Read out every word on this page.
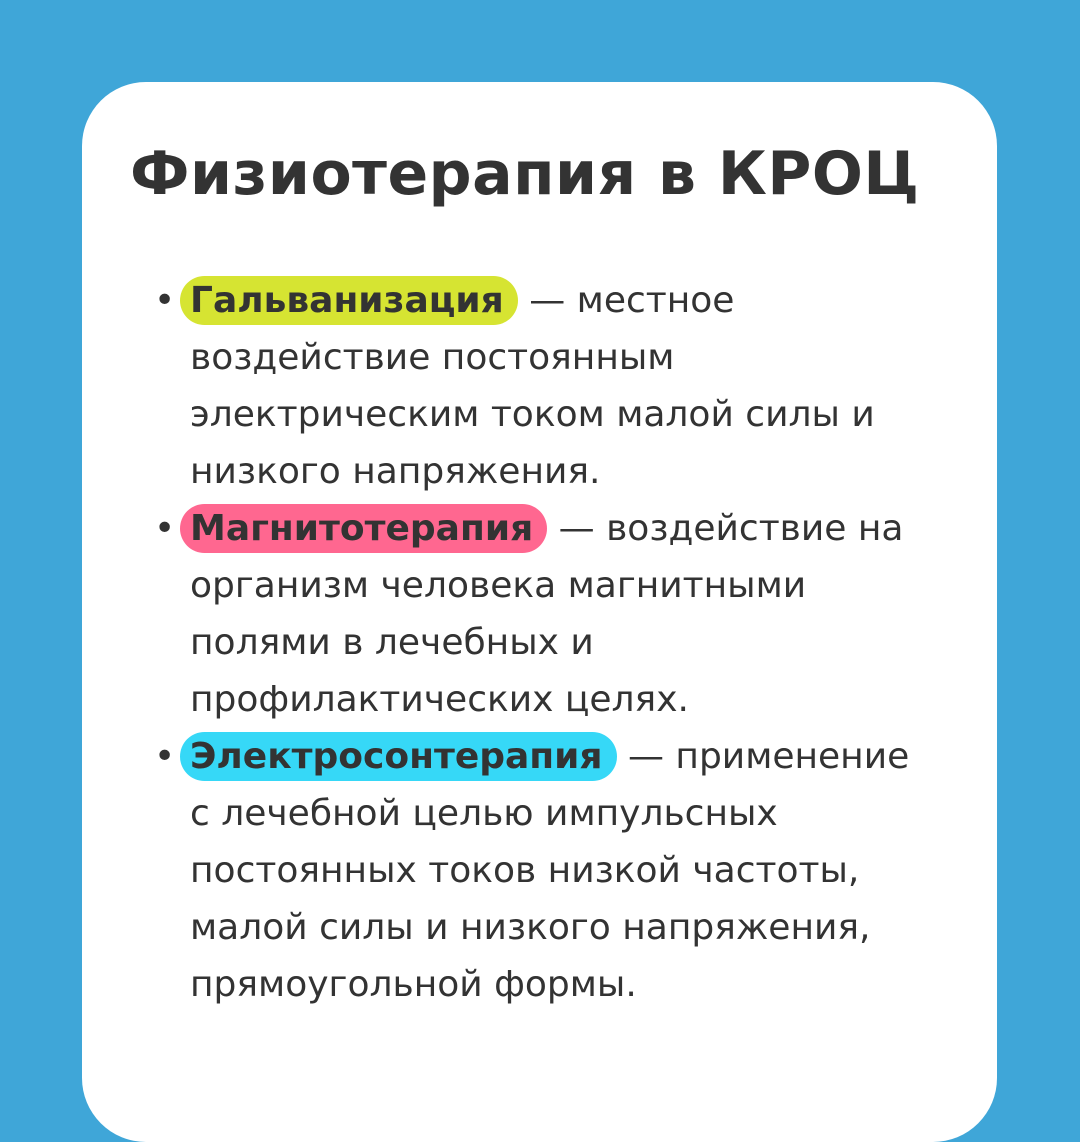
Физиотерапия в КРОЦ
• Гальванизация — местное воздействие постоянным электрическим током малой силы и низкого напряжения.
• Магнитотерапия — воздействие на организм человека магнитными полями в лечебных и профилактических целях.
• Электросонтерапия — применение с лечебной целью импульсных постоянных токов низкой частоты, малой силы и низкого напряжения, прямоугольной формы.
